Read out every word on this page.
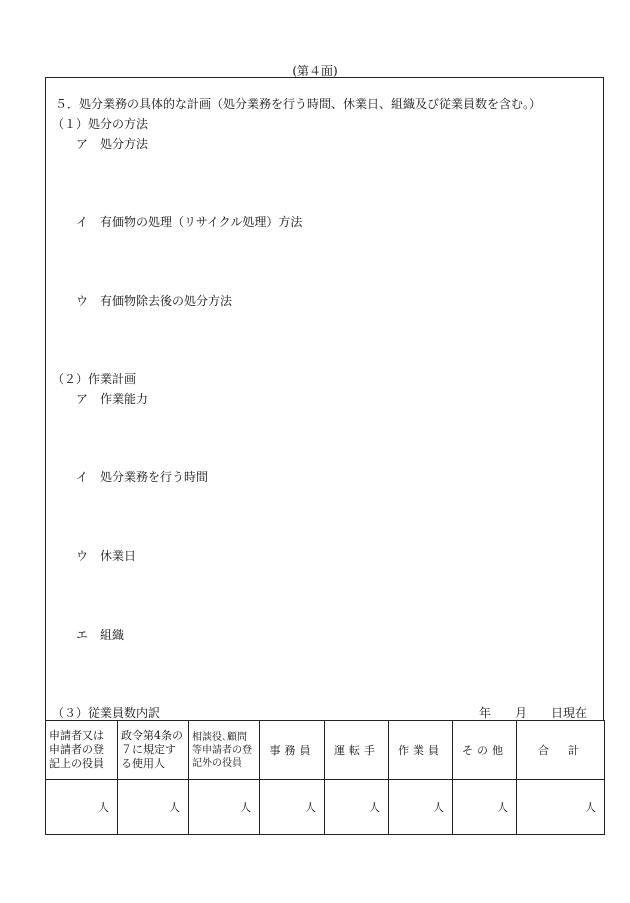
(第４面)
５．処分業務の具体的な計画（処分業務を行う時間、休業日、組織及び従業員数を含む。）
（１）処分の方法
ア　処分方法
イ　有価物の処理（リサイクル処理）方法
ウ　有価物除去後の処分方法
（２）作業計画
ア　作業能力
イ　処分業務を行う時間
ウ　休業日
エ　組織
（３）従業員数内訳	年 月 日現在
申請者又は申請者の登記上の役員	政令第4条の７に規定する使用人	相談役､顧問等申請者の登記外の役員	事務員	運転手	作業員	その他	合　計
人	人	人	人	人	人	人	人
